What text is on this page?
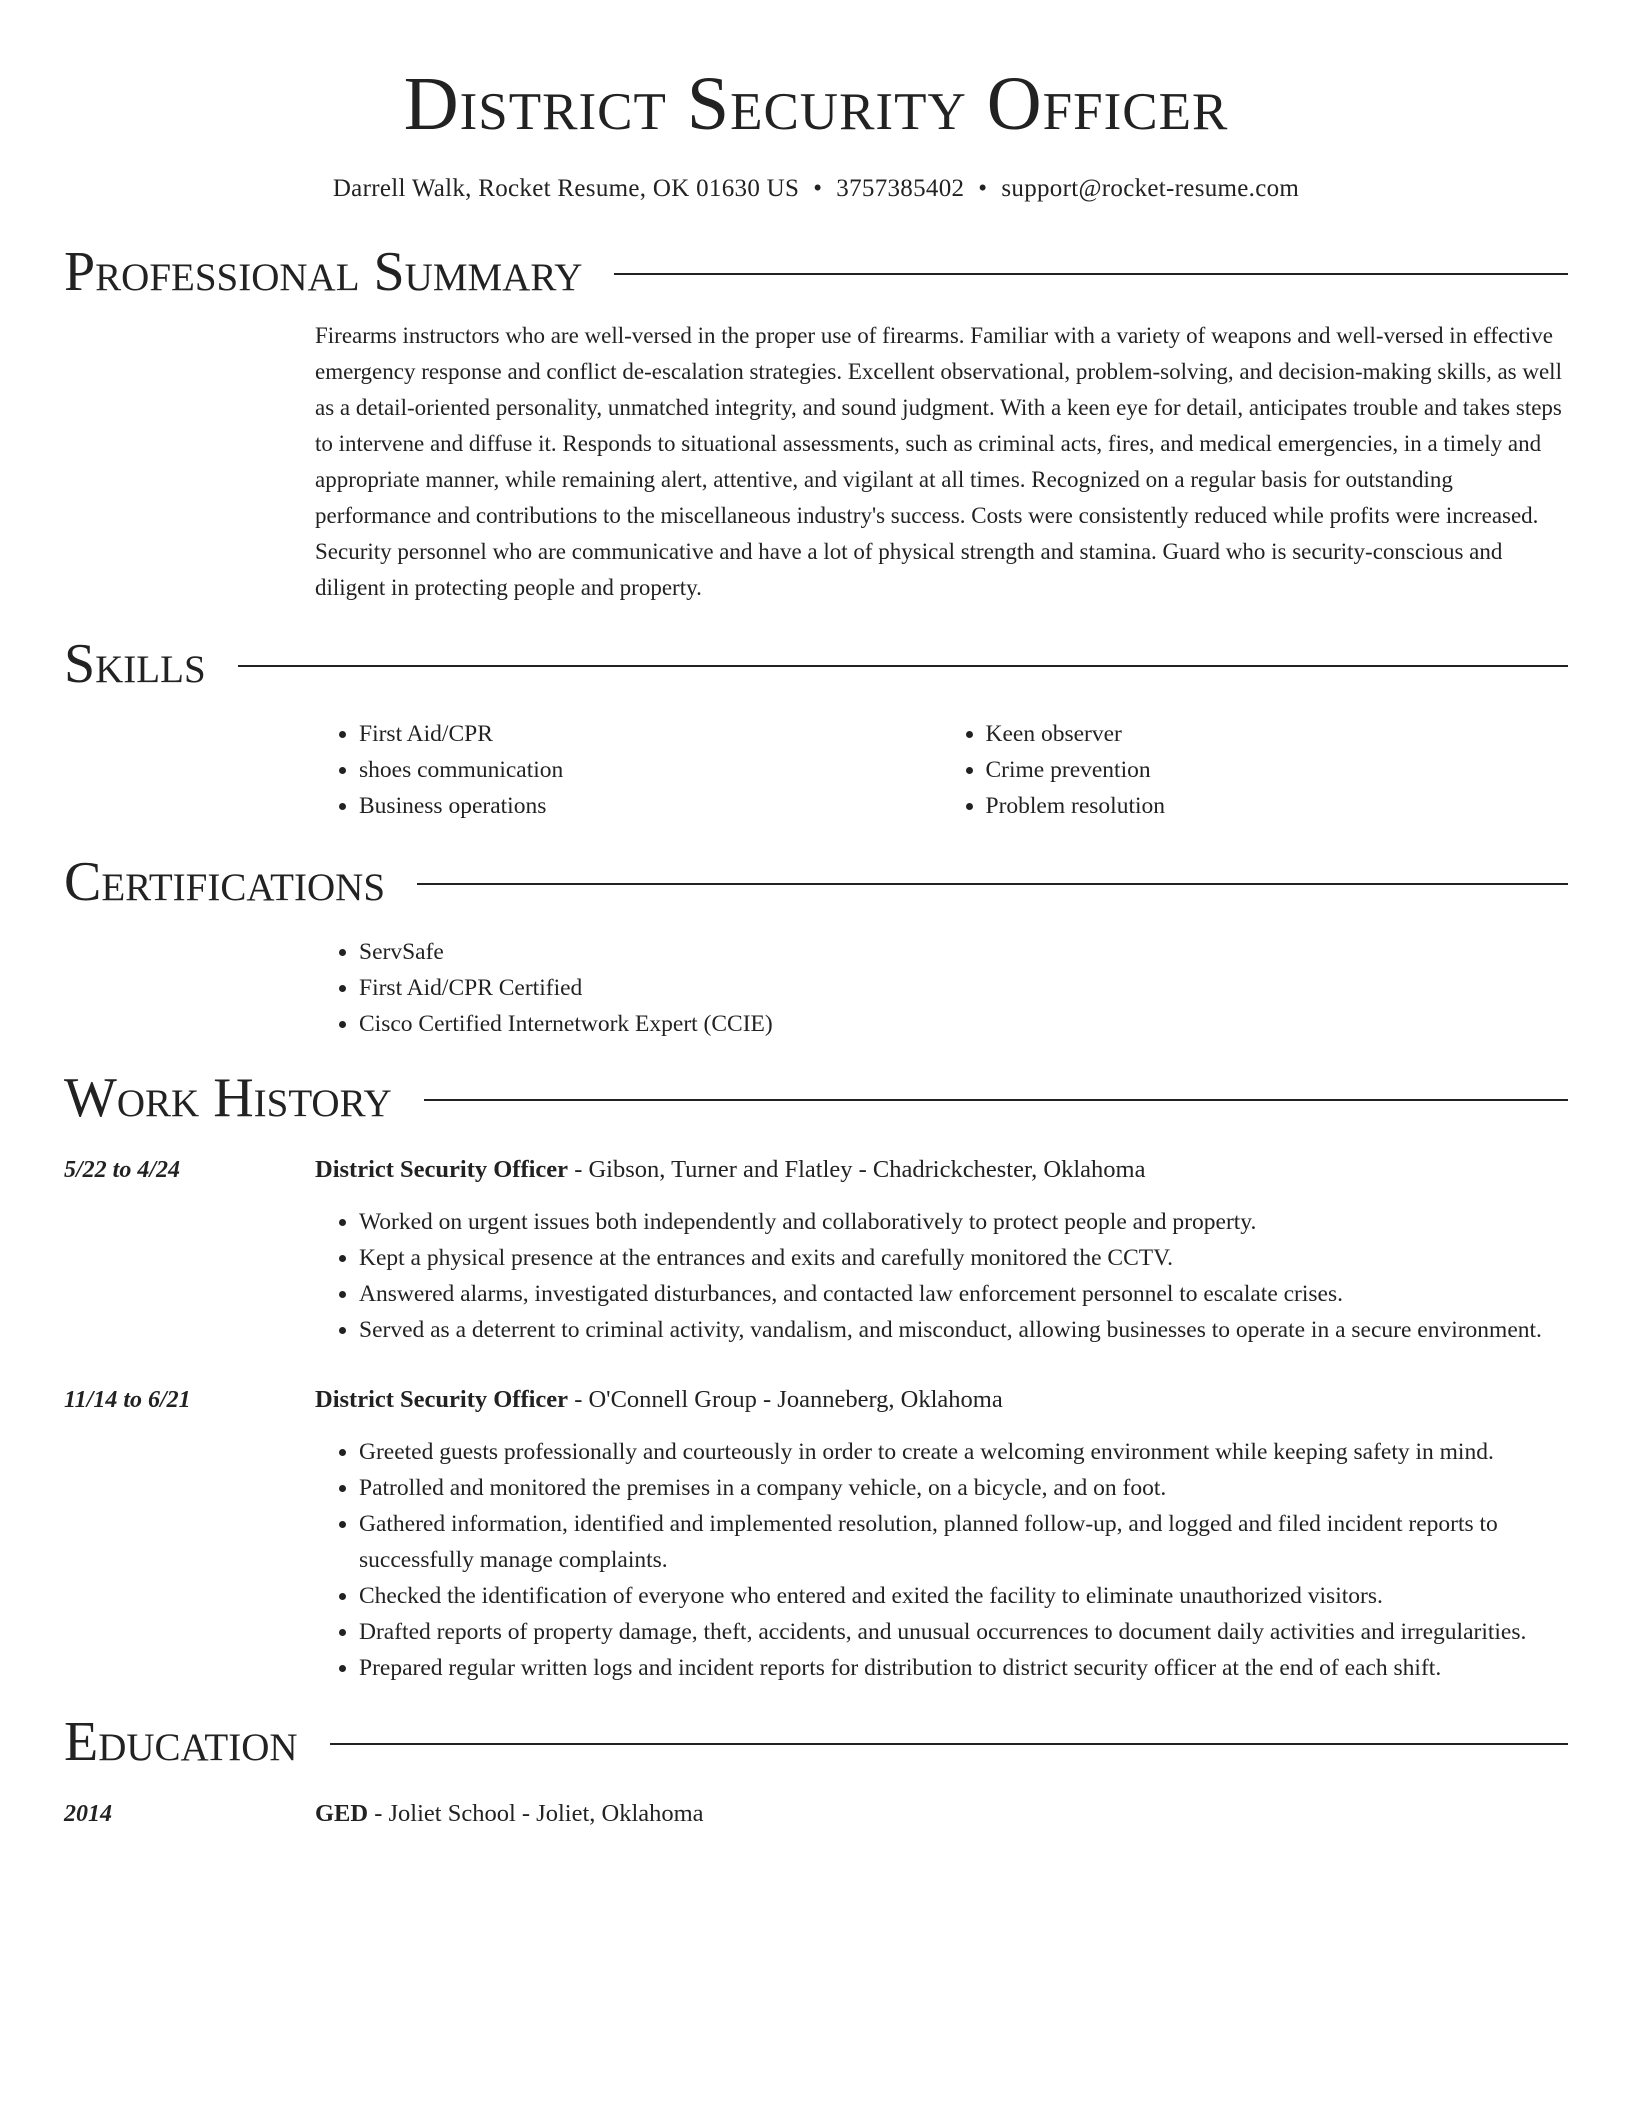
District Security Officer
Darrell Walk, Rocket Resume, OK 01630 US • 3757385402 • support@rocket-resume.com
Professional Summary
Firearms instructors who are well-versed in the proper use of firearms. Familiar with a variety of weapons and well-versed in effective emergency response and conflict de-escalation strategies. Excellent observational, problem-solving, and decision-making skills, as well as a detail-oriented personality, unmatched integrity, and sound judgment. With a keen eye for detail, anticipates trouble and takes steps to intervene and diffuse it. Responds to situational assessments, such as criminal acts, fires, and medical emergencies, in a timely and appropriate manner, while remaining alert, attentive, and vigilant at all times. Recognized on a regular basis for outstanding performance and contributions to the miscellaneous industry's success. Costs were consistently reduced while profits were increased. Security personnel who are communicative and have a lot of physical strength and stamina. Guard who is security-conscious and diligent in protecting people and property.
Skills
• First Aid/CPR
• shoes communication
• Business operations
• Keen observer
• Crime prevention
• Problem resolution
Certifications
• ServSafe
• First Aid/CPR Certified
• Cisco Certified Internetwork Expert (CCIE)
Work History
5/22 to 4/24	District Security Officer - Gibson, Turner and Flatley - Chadrickchester, Oklahoma
• Worked on urgent issues both independently and collaboratively to protect people and property.
• Kept a physical presence at the entrances and exits and carefully monitored the CCTV.
• Answered alarms, investigated disturbances, and contacted law enforcement personnel to escalate crises.
• Served as a deterrent to criminal activity, vandalism, and misconduct, allowing businesses to operate in a secure environment.
11/14 to 6/21	District Security Officer - O'Connell Group - Joanneberg, Oklahoma
• Greeted guests professionally and courteously in order to create a welcoming environment while keeping safety in mind.
• Patrolled and monitored the premises in a company vehicle, on a bicycle, and on foot.
• Gathered information, identified and implemented resolution, planned follow-up, and logged and filed incident reports to successfully manage complaints.
• Checked the identification of everyone who entered and exited the facility to eliminate unauthorized visitors.
• Drafted reports of property damage, theft, accidents, and unusual occurrences to document daily activities and irregularities.
• Prepared regular written logs and incident reports for distribution to district security officer at the end of each shift.
Education
2014	GED - Joliet School - Joliet, Oklahoma
